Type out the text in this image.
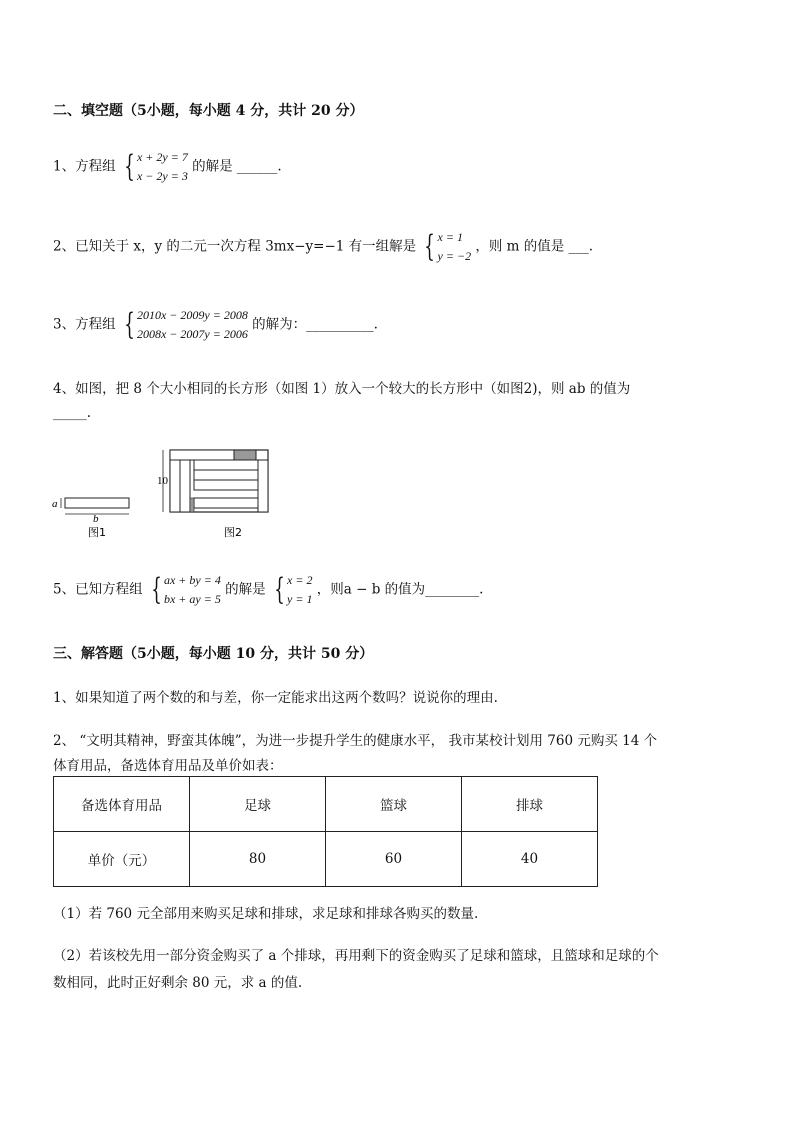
二、填空题（5小题，每小题 4 分，共计 20 分）
1、方程组 { x + 2y = 7
x − 2y = 3
的解是 ______.
2、已知关于 x，y 的二元一次方程 3mx−y=−1 有一组解是 { x = 1
y = −2
，则 m 的值是 ___.
3、方程组 { 2010x − 2009y = 2008
2008x − 2007y = 2006
的解为：__________.
4、如图，把 8 个大小相同的长方形（如图 1）放入一个较大的长方形中（如图2)，则 ab 的值为
_____.
a
b
图1
10
图2
5、已知方程组 { ax + by = 4
bx + ay = 5
的解是 { x = 2
y = 1
，则a − b 的值为________.
三、解答题（5小题，每小题 10 分，共计 50 分）
1、如果知道了两个数的和与差，你一定能求出这两个数吗？说说你的理由.
2、 “文明其精神，野蛮其体魄”，为进一步提升学生的健康水平， 我市某校计划用 760 元购买 14 个
体育用品，备选体育用品及单价如表：
备选体育用品	足球	篮球	排球
单价（元）	80	60	40
（1）若 760 元全部用来购买足球和排球，求足球和排球各购买的数量.
（2）若该校先用一部分资金购买了 a 个排球，再用剩下的资金购买了足球和篮球，且篮球和足球的个
数相同，此时正好剩余 80 元，求 a 的值.
